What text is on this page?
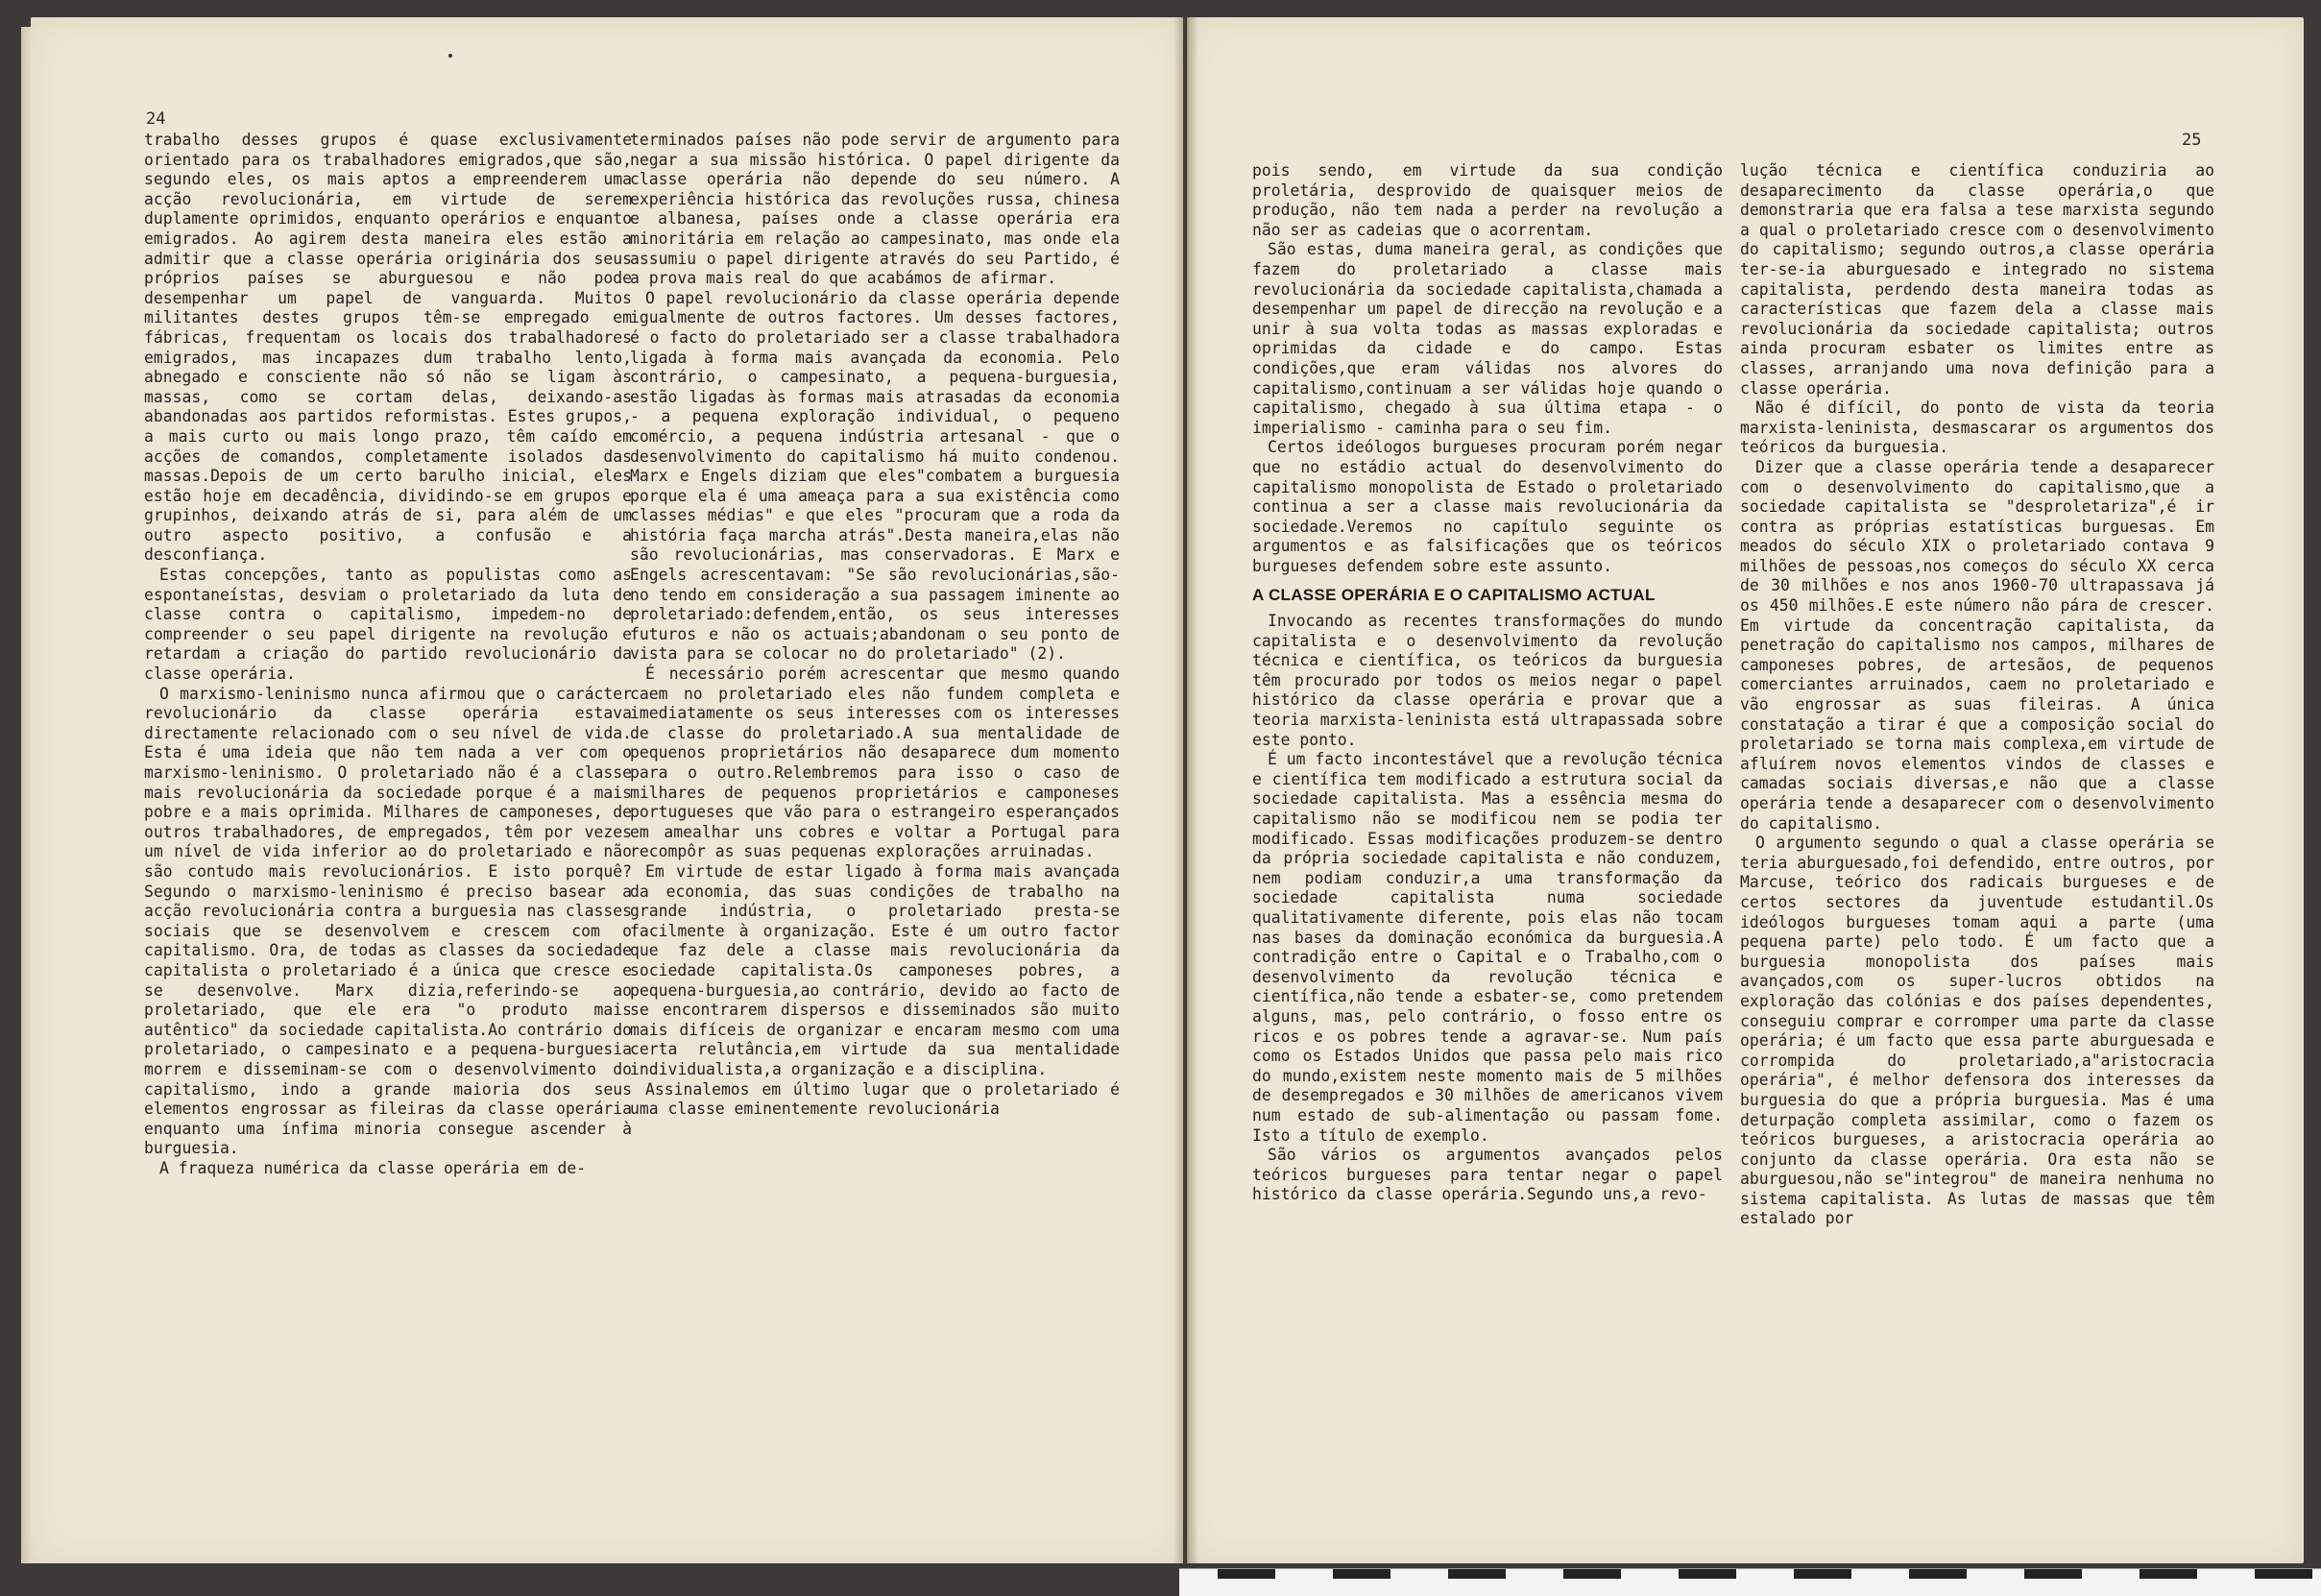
24

trabalho desses grupos é quase exclusivamente orientado para os trabalhadores emigrados,que são, segundo eles, os mais aptos a empreenderem uma acção revolucionária, em virtude de serem duplamente oprimidos, enquanto operários e enquanto emigrados. Ao agirem desta maneira eles estão a admitir que a classe operária originária dos seus próprios países se aburguesou e não pode desempenhar um papel de vanguarda. Muitos militantes destes grupos têm-se empregado em fábricas, frequentam os locais dos trabalhadores emigrados, mas incapazes dum trabalho lento, abnegado e consciente não só não se ligam às massas, como se cortam delas, deixando-as abandonadas aos partidos reformistas. Estes grupos, a mais curto ou mais longo prazo, têm caído em acções de comandos, completamente isolados das massas.Depois de um certo barulho inicial, eles estão hoje em decadência, dividindo-se em grupos e grupinhos, deixando atrás de si, para além de um outro aspecto positivo, a confusão e a desconfiança.

Estas concepções, tanto as populistas como as espontaneístas, desviam o proletariado da luta de classe contra o capitalismo, impedem-no de compreender o seu papel dirigente na revolução e retardam a criação do partido revolucionário da classe operária.

O marxismo-leninismo nunca afirmou que o carácter revolucionário da classe operária estava directamente relacionado com o seu nível de vida. Esta é uma ideia que não tem nada a ver com o marxismo-leninismo. O proletariado não é a classe mais revolucionária da sociedade porque é a mais pobre e a mais oprimida. Milhares de camponeses, de outros trabalhadores, de empregados, têm por vezes um nível de vida inferior ao do proletariado e não são contudo mais revolucionários. E isto porquê? Segundo o marxismo-leninismo é preciso basear a acção revolucionária contra a burguesia nas classes sociais que se desenvolvem e crescem com o capitalismo. Ora, de todas as classes da sociedade capitalista o proletariado é a única que cresce e se desenvolve. Marx dizia,referindo-se ao proletariado, que ele era "o produto mais autêntico" da sociedade capitalista.Ao contrário do proletariado, o campesinato e a pequena-burguesia morrem e disseminam-se com o desenvolvimento do capitalismo, indo a grande maioria dos seus elementos engrossar as fileiras da classe operária enquanto uma ínfima minoria consegue ascender à burguesia.

A fraqueza numérica da classe operária em de-

terminados países não pode servir de argumento para negar a sua missão histórica. O papel dirigente da classe operária não depende do seu número. A experiência histórica das revoluções russa, chinesa e albanesa, países onde a classe operária era minoritária em relação ao campesinato, mas onde ela assumiu o papel dirigente através do seu Partido, é a prova mais real do que acabámos de afirmar.

O papel revolucionário da classe operária depende igualmente de outros factores. Um desses factores, é o facto do proletariado ser a classe trabalhadora ligada à forma mais avançada da economia. Pelo contrário, o campesinato, a pequena-burguesia, estão ligadas às formas mais atrasadas da economia - a pequena exploração individual, o pequeno comércio, a pequena indústria artesanal - que o desenvolvimento do capitalismo há muito condenou. Marx e Engels diziam que eles"combatem a burguesia porque ela é uma ameaça para a sua existência como classes médias" e que eles "procuram que a roda da história faça marcha atrás".Desta maneira,elas não são revolucionárias, mas conservadoras. E Marx e Engels acrescentavam: "Se são revolucionárias,são-no tendo em consideração a sua passagem iminente ao proletariado:defendem,então, os seus interesses futuros e não os actuais;abandonam o seu ponto de vista para se colocar no do proletariado" (2).

É necessário porém acrescentar que mesmo quando caem no proletariado eles não fundem completa e imediatamente os seus interesses com os interesses de classe do proletariado.A sua mentalidade de pequenos proprietários não desaparece dum momento para o outro.Relembremos para isso o caso de milhares de pequenos proprietários e camponeses portugueses que vão para o estrangeiro esperançados em amealhar uns cobres e voltar a Portugal para recompôr as suas pequenas explorações arruinadas.

Em virtude de estar ligado à forma mais avançada da economia, das suas condições de trabalho na grande indústria, o proletariado presta-se facilmente à organização. Este é um outro factor que faz dele a classe mais revolucionária da sociedade capitalista.Os camponeses pobres, a pequena-burguesia,ao contrário, devido ao facto de se encontrarem dispersos e disseminados são muito mais difíceis de organizar e encaram mesmo com uma certa relutância,em virtude da sua mentalidade individualista,a organização e a disciplina.

Assinalemos em último lugar que o proletariado é uma classe eminentemente revolucionária

25

pois sendo, em virtude da sua condição proletária, desprovido de quaisquer meios de produção, não tem nada a perder na revolução a não ser as cadeias que o acorrentam.

São estas, duma maneira geral, as condições que fazem do proletariado a classe mais revolucionária da sociedade capitalista,chamada a desempenhar um papel de direcção na revolução e a unir à sua volta todas as massas exploradas e oprimidas da cidade e do campo. Estas condições,que eram válidas nos alvores do capitalismo,continuam a ser válidas hoje quando o capitalismo, chegado à sua última etapa - o imperialismo - caminha para o seu fim.

Certos ideólogos burgueses procuram porém negar que no estádio actual do desenvolvimento do capitalismo monopolista de Estado o proletariado continua a ser a classe mais revolucionária da sociedade.Veremos no capítulo seguinte os argumentos e as falsificações que os teóricos burgueses defendem sobre este assunto.

A CLASSE OPERÁRIA E O CAPITALISMO ACTUAL

Invocando as recentes transformações do mundo capitalista e o desenvolvimento da revolução técnica e científica, os teóricos da burguesia têm procurado por todos os meios negar o papel histórico da classe operária e provar que a teoria marxista-leninista está ultrapassada sobre este ponto.

É um facto incontestável que a revolução técnica e científica tem modificado a estrutura social da sociedade capitalista. Mas a essência mesma do capitalismo não se modificou nem se podia ter modificado. Essas modificações produzem-se dentro da própria sociedade capitalista e não conduzem, nem podiam conduzir,a uma transformação da sociedade capitalista numa sociedade qualitativamente diferente, pois elas não tocam nas bases da dominação económica da burguesia.A contradição entre o Capital e o Trabalho,com o desenvolvimento da revolução técnica e científica,não tende a esbater-se, como pretendem alguns, mas, pelo contrário, o fosso entre os ricos e os pobres tende a agravar-se. Num país como os Estados Unidos que passa pelo mais rico do mundo,existem neste momento mais de 5 milhões de desempregados e 30 milhões de americanos vivem num estado de sub-alimentação ou passam fome. Isto a título de exemplo.

São vários os argumentos avançados pelos teóricos burgueses para tentar negar o papel histórico da classe operária.Segundo uns,a revo-

lução técnica e científica conduziria ao desaparecimento da classe operária,o que demonstraria que era falsa a tese marxista segundo a qual o proletariado cresce com o desenvolvimento do capitalismo; segundo outros,a classe operária ter-se-ia aburguesado e integrado no sistema capitalista, perdendo desta maneira todas as características que fazem dela a classe mais revolucionária da sociedade capitalista; outros ainda procuram esbater os limites entre as classes, arranjando uma nova definição para a classe operária.

Não é difícil, do ponto de vista da teoria marxista-leninista, desmascarar os argumentos dos teóricos da burguesia.

Dizer que a classe operária tende a desaparecer com o desenvolvimento do capitalismo,que a sociedade capitalista se "desproletariza",é ir contra as próprias estatísticas burguesas. Em meados do século XIX o proletariado contava 9 milhões de pessoas,nos começos do século XX cerca de 30 milhões e nos anos 1960-70 ultrapassava já os 450 milhões.E este número não pára de crescer. Em virtude da concentração capitalista, da penetração do capitalismo nos campos, milhares de camponeses pobres, de artesãos, de pequenos comerciantes arruinados, caem no proletariado e vão engrossar as suas fileiras. A única constatação a tirar é que a composição social do proletariado se torna mais complexa,em virtude de afluírem novos elementos vindos de classes e camadas sociais diversas,e não que a classe operária tende a desaparecer com o desenvolvimento do capitalismo.

O argumento segundo o qual a classe operária se teria aburguesado,foi defendido, entre outros, por Marcuse, teórico dos radicais burgueses e de certos sectores da juventude estudantil.Os ideólogos burgueses tomam aqui a parte (uma pequena parte) pelo todo. É um facto que a burguesia monopolista dos países mais avançados,com os super-lucros obtidos na exploração das colónias e dos países dependentes, conseguiu comprar e corromper uma parte da classe operária; é um facto que essa parte aburguesada e corrompida do proletariado,a"aristocracia operária", é melhor defensora dos interesses da burguesia do que a própria burguesia. Mas é uma deturpação completa assimilar, como o fazem os teóricos burgueses, a aristocracia operária ao conjunto da classe operária. Ora esta não se aburguesou,não se"integrou" de maneira nenhuma no sistema capitalista. As lutas de massas que têm estalado por
